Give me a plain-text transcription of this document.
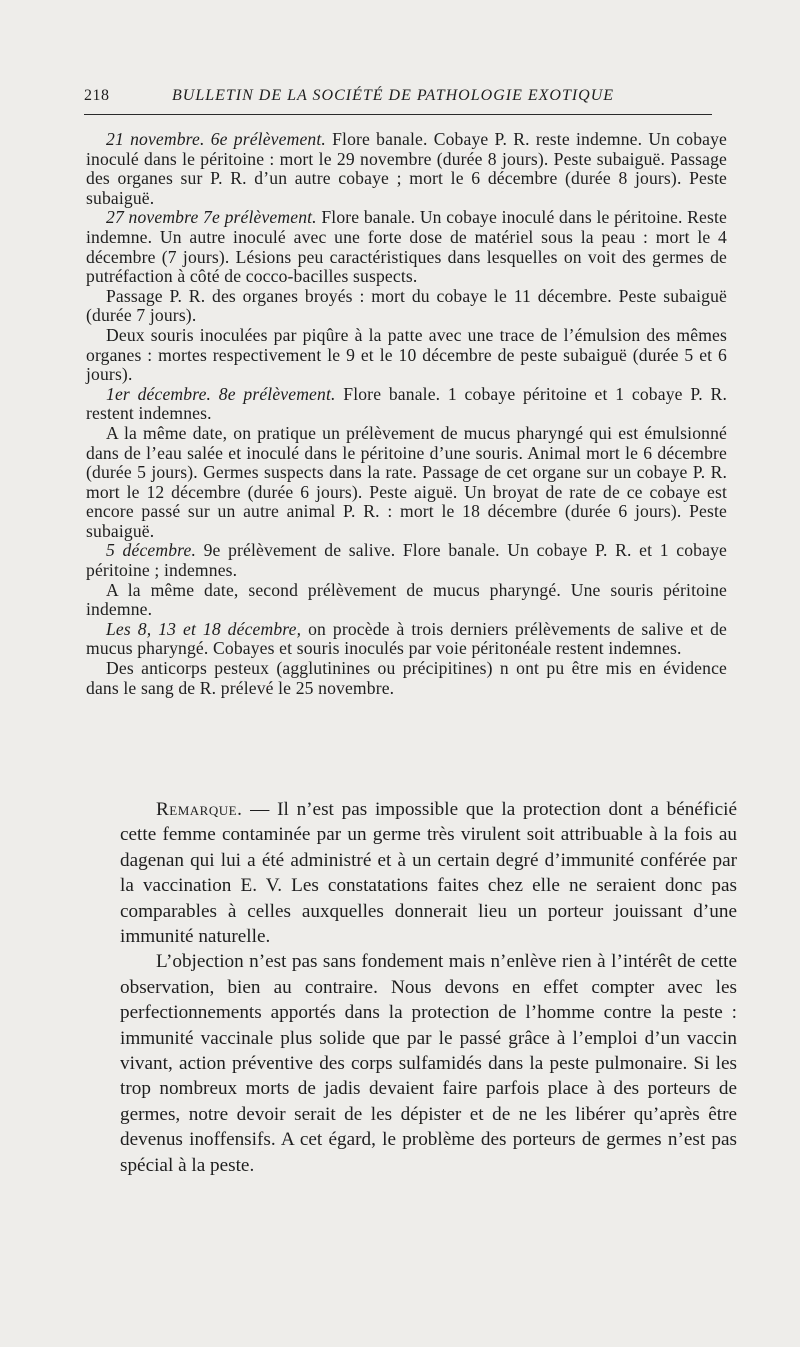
218	BULLETIN DE LA SOCIÉTÉ DE PATHOLOGIE EXOTIQUE

21 novembre. 6e prélèvement. Flore banale. Cobaye P. R. reste indemne. Un cobaye inoculé dans le péritoine : mort le 29 novembre (durée 8 jours). Peste subaiguë. Passage des organes sur P. R. d’un autre cobaye ; mort le 6 décembre (durée 8 jours). Peste subaiguë.

27 novembre 7e prélèvement. Flore banale. Un cobaye inoculé dans le péritoine. Reste indemne. Un autre inoculé avec une forte dose de matériel sous la peau : mort le 4 décembre (7 jours). Lésions peu caractéristiques dans lesquelles on voit des germes de putréfaction à côté de cocco-bacilles suspects.

Passage P. R. des organes broyés : mort du cobaye le 11 décembre. Peste subaiguë (durée 7 jours).

Deux souris inoculées par piqûre à la patte avec une trace de l’émulsion des mêmes organes : mortes respectivement le 9 et le 10 décembre de peste subaiguë (durée 5 et 6 jours).

1er décembre. 8e prélèvement. Flore banale. 1 cobaye péritoine et 1 cobaye P. R. restent indemnes.

A la même date, on pratique un prélèvement de mucus pharyngé qui est émulsionné dans de l’eau salée et inoculé dans le péritoine d’une souris. Animal mort le 6 décembre (durée 5 jours). Germes suspects dans la rate. Passage de cet organe sur un cobaye P. R. mort le 12 décembre (durée 6 jours). Peste aiguë. Un broyat de rate de ce cobaye est encore passé sur un autre animal P. R. : mort le 18 décembre (durée 6 jours). Peste subaiguë.

5 décembre. 9e prélèvement de salive. Flore banale. Un cobaye P. R. et 1 cobaye péritoine ; indemnes.

A la même date, second prélèvement de mucus pharyngé. Une souris péritoine indemne.

Les 8, 13 et 18 décembre, on procède à trois derniers prélèvements de salive et de mucus pharyngé. Cobayes et souris inoculés par voie péritonéale restent indemnes.

Des anticorps pesteux (agglutinines ou précipitines) n ont pu être mis en évidence dans le sang de R. prélevé le 25 novembre.

Remarque. — Il n’est pas impossible que la protection dont a bénéficié cette femme contaminée par un germe très virulent soit attribuable à la fois au dagenan qui lui a été administré et à un certain degré d’immunité conférée par la vaccination E. V. Les constatations faites chez elle ne seraient donc pas comparables à celles auxquelles donnerait lieu un porteur jouissant d’une immunité naturelle.

L’objection n’est pas sans fondement mais n’enlève rien à l’intérêt de cette observation, bien au contraire. Nous devons en effet compter avec les perfectionnements apportés dans la protection de l’homme contre la peste : immunité vaccinale plus solide que par le passé grâce à l’emploi d’un vaccin vivant, action préventive des corps sulfamidés dans la peste pulmonaire. Si les trop nombreux morts de jadis devaient faire parfois place à des porteurs de germes, notre devoir serait de les dépister et de ne les libérer qu’après être devenus inoffensifs. A cet égard, le problème des porteurs de germes n’est pas spécial à la peste.
